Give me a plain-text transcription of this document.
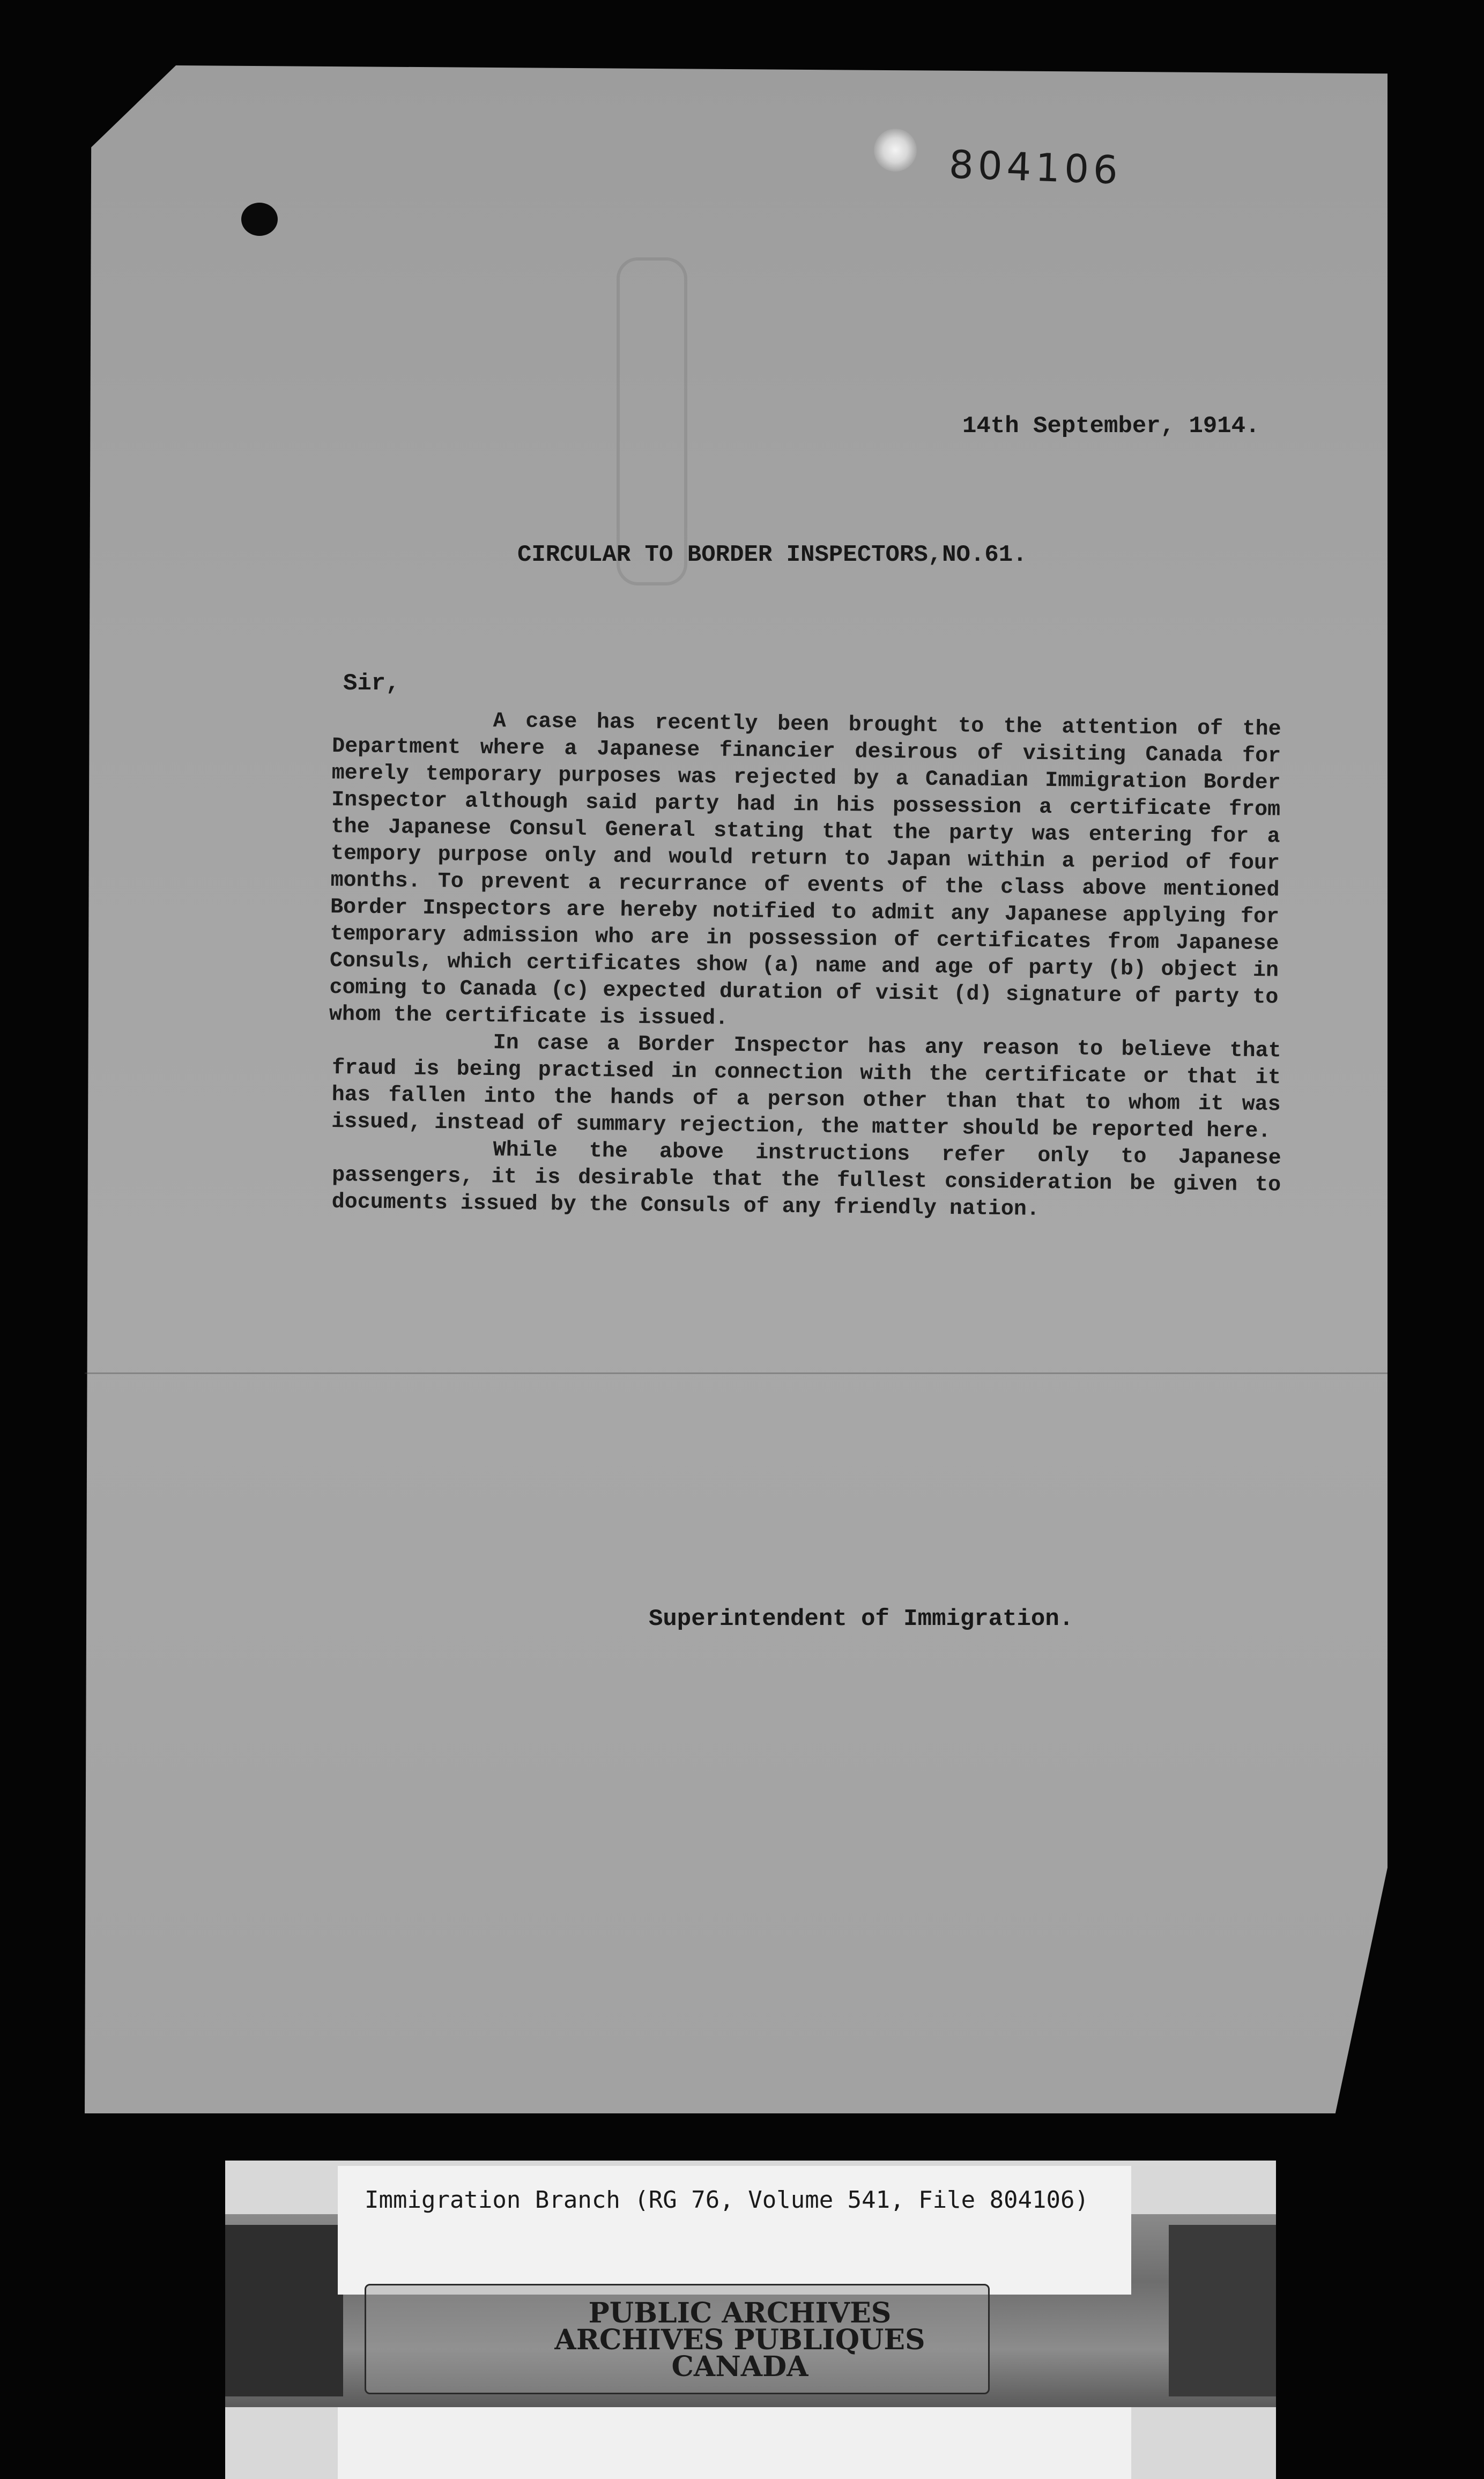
804106
14th September, 1914.
CIRCULAR TO BORDER INSPECTORS,NO.61.
Sir,

A case has recently been brought to the attention of the Department where a Japanese financier desirous of visiting Canada for merely temporary purposes was rejected by a Canadian Immigration Border Inspector although said party had in his possession a certificate from the Japanese Consul General stating that the party was entering for a tempory purpose only and would return to Japan within a period of four months. To prevent a recurrance of events of the class above mentioned Border Inspectors are hereby notified to admit any Japanese applying for temporary admission who are in possession of certificates from Japanese Consuls, which certificates show (a) name and age of party (b) object in coming to Canada (c) expected duration of visit (d) signature of party to whom the certificate is issued.

In case a Border Inspector has any reason to believe that fraud is being practised in connection with the certificate or that it has fallen into the hands of a person other than that to whom it was issued, instead of summary rejection, the matter should be reported here.

While the above instructions refer only to Japanese passengers, it is desirable that the fullest consideration be given to documents issued by the Consuls of any friendly nation.

Superintendent of Immigration.
Immigration Branch (RG 76, Volume 541, File 804106)
PUBLIC ARCHIVES
ARCHIVES PUBLIQUES
CANADA
